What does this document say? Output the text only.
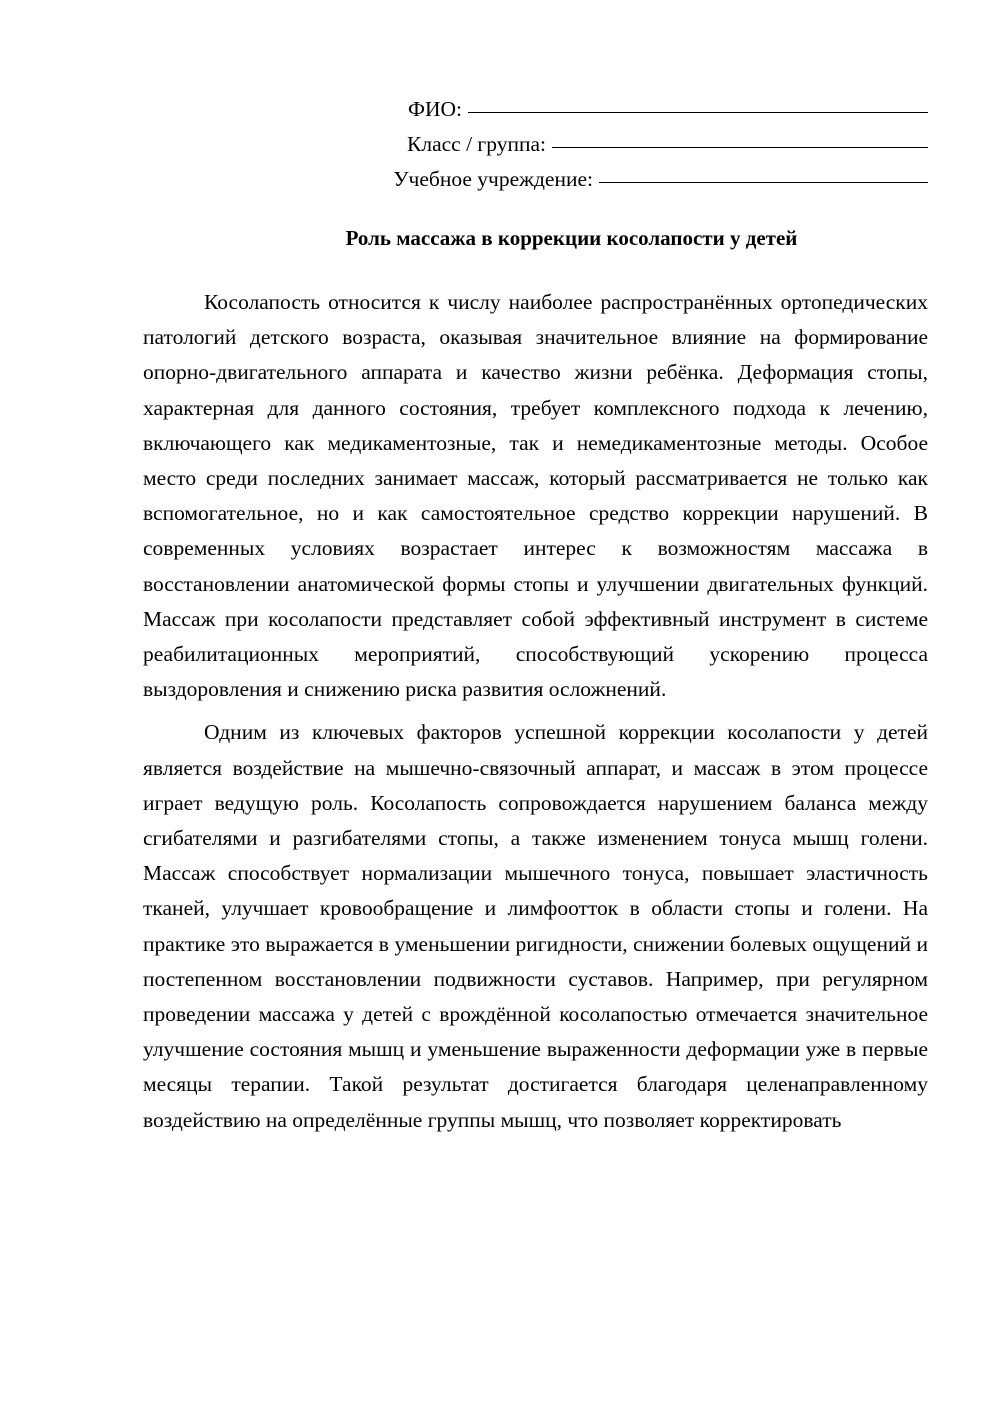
ФИО:
Класс / группа:
Учебное учреждение:
Роль массажа в коррекции косолапости у детей

Косолапость относится к числу наиболее распространённых ортопедических патологий детского возраста, оказывая значительное влияние на формирование опорно-двигательного аппарата и качество жизни ребёнка. Деформация стопы, характерная для данного состояния, требует комплексного подхода к лечению, включающего как медикаментозные, так и немедикаментозные методы. Особое место среди последних занимает массаж, который рассматривается не только как вспомогательное, но и как самостоятельное средство коррекции нарушений. В современных условиях возрастает интерес к возможностям массажа в восстановлении анатомической формы стопы и улучшении двигательных функций. Массаж при косолапости представляет собой эффективный инструмент в системе реабилитационных мероприятий, способствующий ускорению процесса выздоровления и снижению риска развития осложнений.

Одним из ключевых факторов успешной коррекции косолапости у детей является воздействие на мышечно-связочный аппарат, и массаж в этом процессе играет ведущую роль. Косолапость сопровождается нарушением баланса между сгибателями и разгибателями стопы, а также изменением тонуса мышц голени. Массаж способствует нормализации мышечного тонуса, повышает эластичность тканей, улучшает кровообращение и лимфоотток в области стопы и голени. На практике это выражается в уменьшении ригидности, снижении болевых ощущений и постепенном восстановлении подвижности суставов. Например, при регулярном проведении массажа у детей с врождённой косолапостью отмечается значительное улучшение состояния мышц и уменьшение выраженности деформации уже в первые месяцы терапии. Такой результат достигается благодаря целенаправленному воздействию на определённые группы мышц, что позволяет корректировать
